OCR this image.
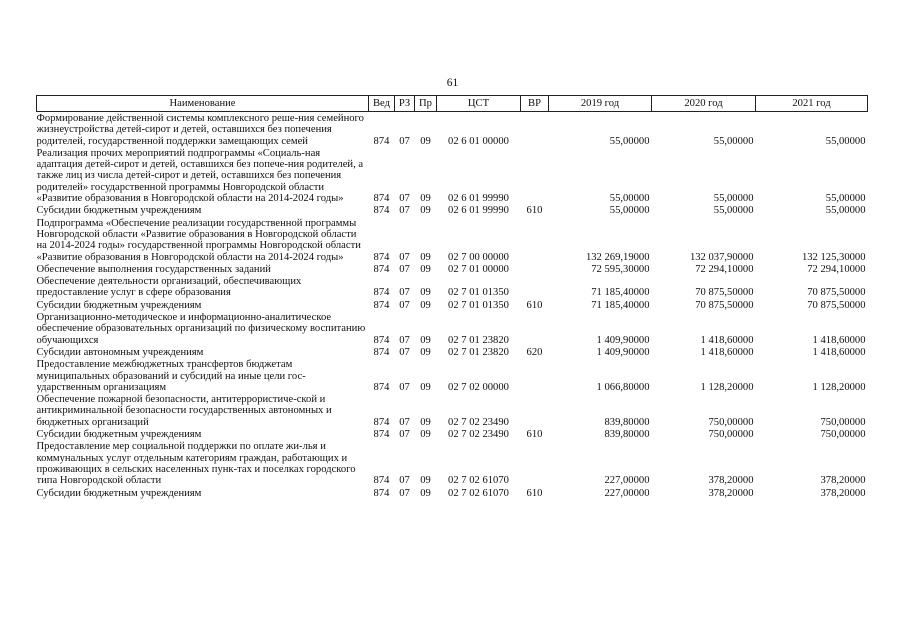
61
Наименование	Вед	РЗ	Пр	ЦСТ	ВР	2019 год	2020 год	2021 год
Формирование действенной системы комплексного реше-ния семейного жизнеустройства детей-сирот и детей, оставшихся без попечения родителей, государственной поддержки замещающих семей	874	07	09	02 6 01 00000		55,00000	55,00000	55,00000
Реализация прочих мероприятий подпрограммы «Социаль-ная адаптация детей-сирот и детей, оставшихся без попече-ния родителей, а также лиц из числа детей-сирот и детей, оставшихся без попечения родителей» государственной программы Новгородской области «Развитие образования в Новгородской области на 2014-2024 годы»	874	07	09	02 6 01 99990		55,00000	55,00000	55,00000
Субсидии бюджетным учреждениям	874	07	09	02 6 01 99990	610	55,00000	55,00000	55,00000
Подпрограмма «Обеспечение реализации государственной программы Новгородской области «Развитие образования в Новгородской области на 2014-2024 годы» государственной программы Новгородской области «Развитие образования в Новгородской области на 2014-2024 годы»	874	07	09	02 7 00 00000		132 269,19000	132 037,90000	132 125,30000
Обеспечение выполнения государственных заданий	874	07	09	02 7 01 00000		72 595,30000	72 294,10000	72 294,10000
Обеспечение деятельности организаций, обеспечивающих предоставление услуг в сфере образования	874	07	09	02 7 01 01350		71 185,40000	70 875,50000	70 875,50000
Субсидии бюджетным учреждениям	874	07	09	02 7 01 01350	610	71 185,40000	70 875,50000	70 875,50000
Организационно-методическое и информационно-аналитическое обеспечение образовательных организаций по физическому воспитанию обучающихся	874	07	09	02 7 01 23820		1 409,90000	1 418,60000	1 418,60000
Субсидии автономным учреждениям	874	07	09	02 7 01 23820	620	1 409,90000	1 418,60000	1 418,60000
Предоставление межбюджетных трансфертов бюджетам муниципальных образований и субсидий на иные цели гос-ударственным организациям	874	07	09	02 7 02 00000		1 066,80000	1 128,20000	1 128,20000
Обеспечение пожарной безопасности, антитеррористиче-ской и антикриминальной безопасности государственных автономных и бюджетных организаций	874	07	09	02 7 02 23490		839,80000	750,00000	750,00000
Субсидии бюджетным учреждениям	874	07	09	02 7 02 23490	610	839,80000	750,00000	750,00000
Предоставление мер социальной поддержки по оплате жи-лья и коммунальных услуг отдельным категориям граждан, работающих и проживающих в сельских населенных пунк-тах и поселках городского типа Новгородской области	874	07	09	02 7 02 61070		227,00000	378,20000	378,20000
Субсидии бюджетным учреждениям	874	07	09	02 7 02 61070	610	227,00000	378,20000	378,20000
